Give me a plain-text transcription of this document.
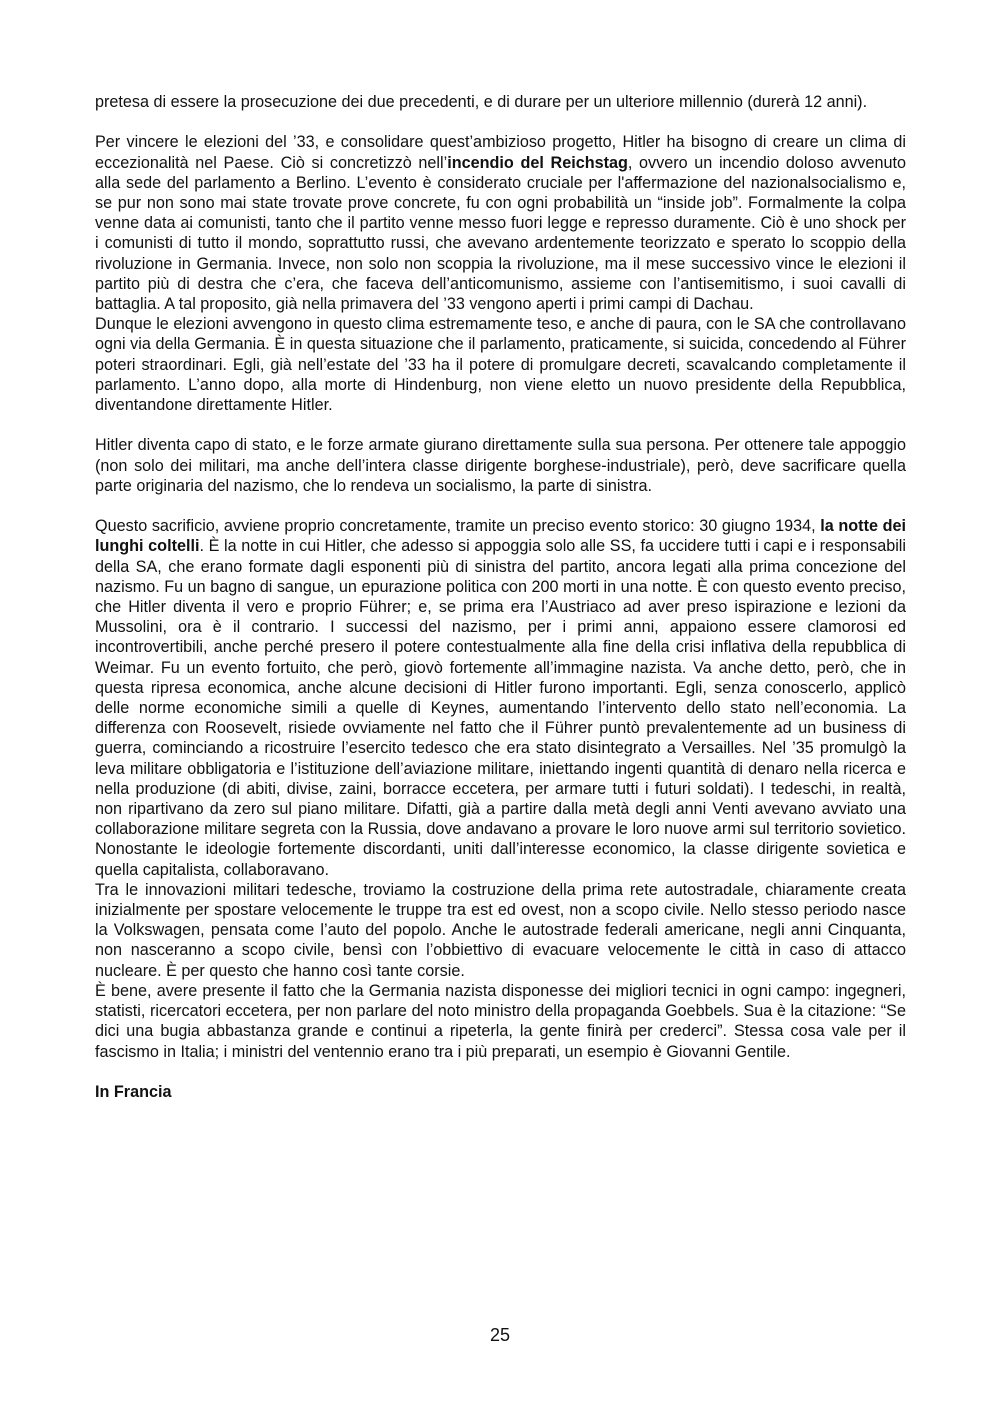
pretesa di essere la prosecuzione dei due precedenti, e di durare per un ulteriore millennio (durerà 12 anni).

Per vincere le elezioni del ’33, e consolidare quest’ambizioso progetto, Hitler ha bisogno di creare un clima di eccezionalità nel Paese. Ciò si concretizzò nell’incendio del Reichstag, ovvero un incendio doloso avvenuto alla sede del parlamento a Berlino. L’evento è considerato cruciale per l'affermazione del nazionalsocialismo e, se pur non sono mai state trovate prove concrete, fu con ogni probabilità un “inside job”. Formalmente la colpa venne data ai comunisti, tanto che il partito venne messo fuori legge e represso duramente. Ciò è uno shock per i comunisti di tutto il mondo, soprattutto russi, che avevano ardentemente teorizzato e sperato lo scoppio della rivoluzione in Germania. Invece, non solo non scoppia la rivoluzione, ma il mese successivo vince le elezioni il partito più di destra che c’era, che faceva dell’anticomunismo, assieme con l’antisemitismo, i suoi cavalli di battaglia. A tal proposito, già nella primavera del ’33 vengono aperti i primi campi di Dachau.

Dunque le elezioni avvengono in questo clima estremamente teso, e anche di paura, con le SA che controllavano ogni via della Germania. È in questa situazione che il parlamento, praticamente, si suicida, concedendo al Führer poteri straordinari. Egli, già nell’estate del ’33 ha il potere di promulgare decreti, scavalcando completamente il parlamento. L’anno dopo, alla morte di Hindenburg, non viene eletto un nuovo presidente della Repubblica, diventandone direttamente Hitler.

Hitler diventa capo di stato, e le forze armate giurano direttamente sulla sua persona. Per ottenere tale appoggio (non solo dei militari, ma anche dell’intera classe dirigente borghese-industriale), però, deve sacrificare quella parte originaria del nazismo, che lo rendeva un socialismo, la parte di sinistra.

Questo sacrificio, avviene proprio concretamente, tramite un preciso evento storico: 30 giugno 1934, la notte dei lunghi coltelli. È la notte in cui Hitler, che adesso si appoggia solo alle SS, fa uccidere tutti i capi e i responsabili della SA, che erano formate dagli esponenti più di sinistra del partito, ancora legati alla prima concezione del nazismo. Fu un bagno di sangue, un epurazione politica con 200 morti in una notte. È con questo evento preciso, che Hitler diventa il vero e proprio Führer; e, se prima era l’Austriaco ad aver preso ispirazione e lezioni da Mussolini, ora è il contrario. I successi del nazismo, per i primi anni, appaiono essere clamorosi ed incontrovertibili, anche perché presero il potere contestualmente alla fine della crisi inflativa della repubblica di Weimar. Fu un evento fortuito, che però, giovò fortemente all’immagine nazista. Va anche detto, però, che in questa ripresa economica, anche alcune decisioni di Hitler furono importanti. Egli, senza conoscerlo, applicò delle norme economiche simili a quelle di Keynes, aumentando l’intervento dello stato nell’economia. La differenza con Roosevelt, risiede ovviamente nel fatto che il Führer puntò prevalentemente ad un business di guerra, cominciando a ricostruire l’esercito tedesco che era stato disintegrato a Versailles. Nel ’35 promulgò la leva militare obbligatoria e l’istituzione dell’aviazione militare, iniettando ingenti quantità di denaro nella ricerca e nella produzione (di abiti, divise, zaini, borracce eccetera, per armare tutti i futuri soldati). I tedeschi, in realtà, non ripartivano da zero sul piano militare. Difatti, già a partire dalla metà degli anni Venti avevano avviato una collaborazione militare segreta con la Russia, dove andavano a provare le loro nuove armi sul territorio sovietico. Nonostante le ideologie fortemente discordanti, uniti dall’interesse economico, la classe dirigente sovietica e quella capitalista, collaboravano.

Tra le innovazioni militari tedesche, troviamo la costruzione della prima rete autostradale, chiaramente creata inizialmente per spostare velocemente le truppe tra est ed ovest, non a scopo civile. Nello stesso periodo nasce la Volkswagen, pensata come l’auto del popolo. Anche le autostrade federali americane, negli anni Cinquanta, non nasceranno a scopo civile, bensì con l’obbiettivo di evacuare velocemente le città in caso di attacco nucleare. È per questo che hanno così tante corsie.

È bene, avere presente il fatto che la Germania nazista disponesse dei migliori tecnici in ogni campo: ingegneri, statisti, ricercatori eccetera, per non parlare del noto ministro della propaganda Goebbels. Sua è la citazione: “Se dici una bugia abbastanza grande e continui a ripeterla, la gente finirà per crederci”. Stessa cosa vale per il fascismo in Italia; i ministri del ventennio erano tra i più preparati, un esempio è Giovanni Gentile.

In Francia

25
